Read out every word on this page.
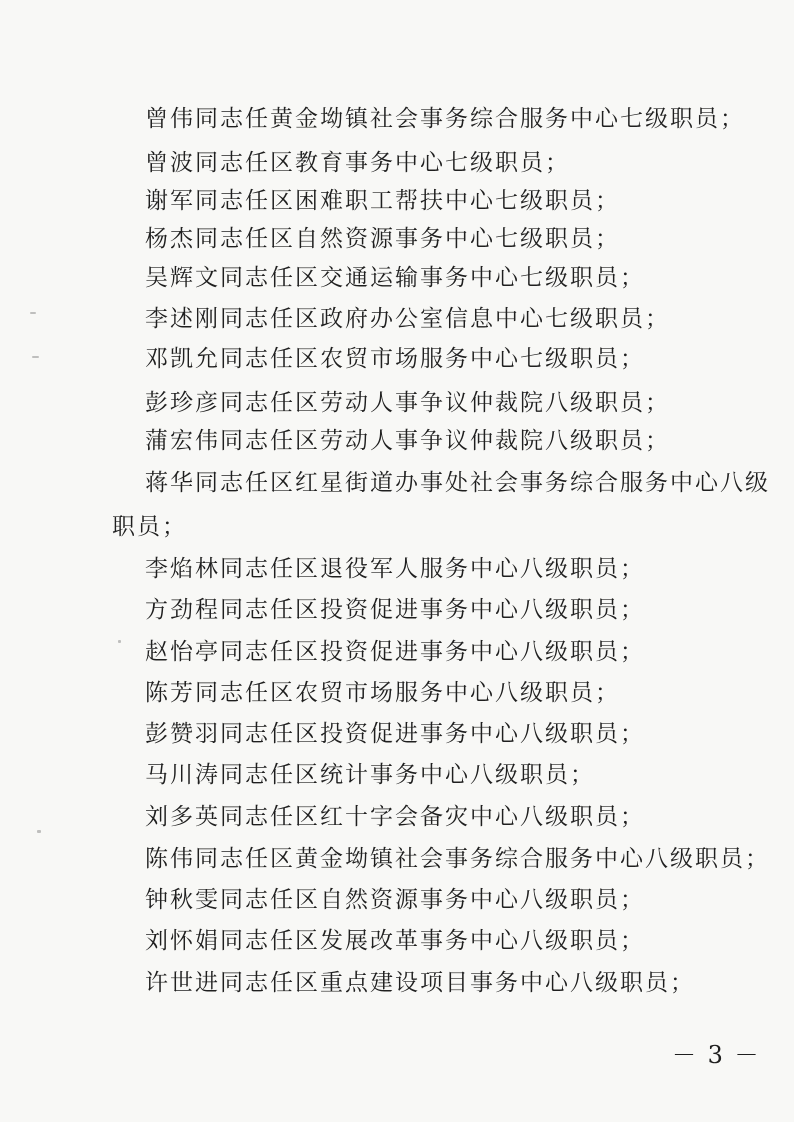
曾伟同志任黄金坳镇社会事务综合服务中心七级职员；
曾波同志任区教育事务中心七级职员；
谢军同志任区困难职工帮扶中心七级职员；
杨杰同志任区自然资源事务中心七级职员；
吴辉文同志任区交通运输事务中心七级职员；
李述刚同志任区政府办公室信息中心七级职员；
邓凯允同志任区农贸市场服务中心七级职员；
彭珍彦同志任区劳动人事争议仲裁院八级职员；
蒲宏伟同志任区劳动人事争议仲裁院八级职员；
蒋华同志任区红星街道办事处社会事务综合服务中心八级
职员；
李焰林同志任区退役军人服务中心八级职员；
方劲程同志任区投资促进事务中心八级职员；
赵怡亭同志任区投资促进事务中心八级职员；
陈芳同志任区农贸市场服务中心八级职员；
彭赞羽同志任区投资促进事务中心八级职员；
马川涛同志任区统计事务中心八级职员；
刘多英同志任区红十字会备灾中心八级职员；
陈伟同志任区黄金坳镇社会事务综合服务中心八级职员；
钟秋雯同志任区自然资源事务中心八级职员；
刘怀娟同志任区发展改革事务中心八级职员；
许世进同志任区重点建设项目事务中心八级职员；
－ 3 －
